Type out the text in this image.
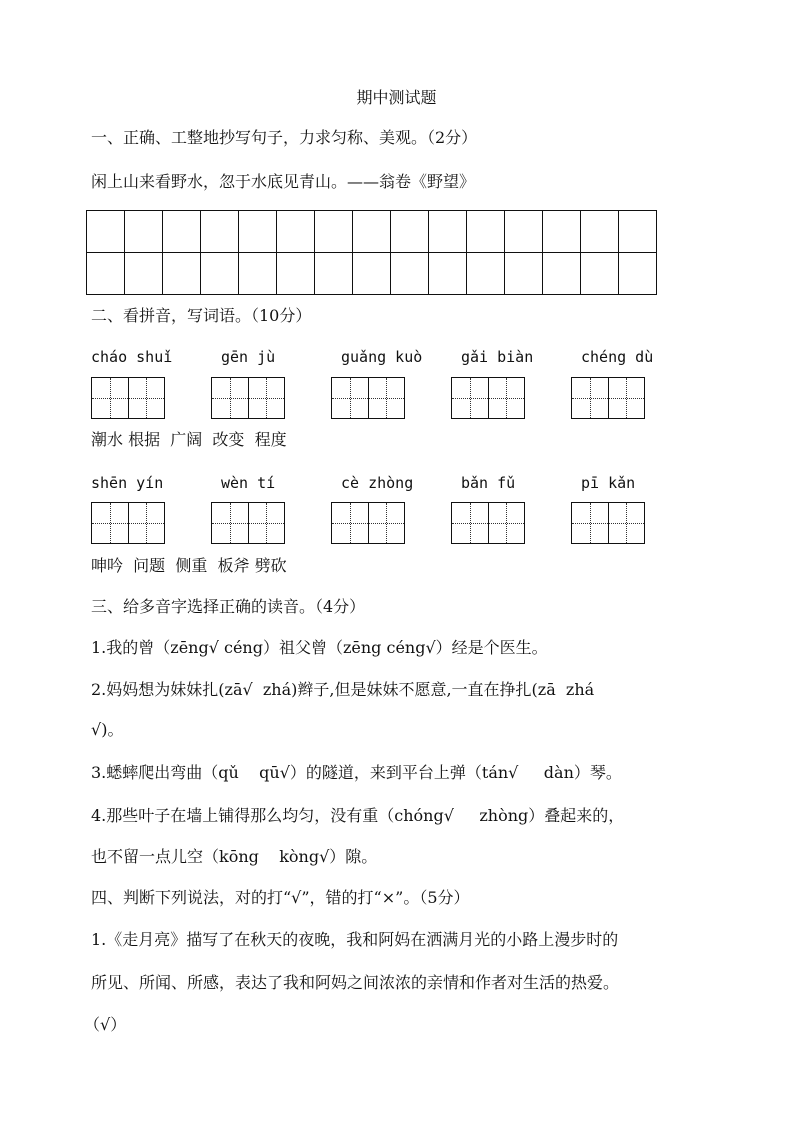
期中测试题
一、正确、工整地抄写句子，力求匀称、美观。（2分）
闲上山来看野水，忽于水底见青山。——翁卷《野望》

二、看拼音，写词语。（10分）
cháo shuǐ	gēn jù	guǎng kuò	gǎi biàn	chéng dù
潮水 根据  广阔  改变  程度
shēn yín	wèn tí	cè zhòng	bǎn fǔ	pī kǎn
呻吟  问题  侧重  板斧 劈砍
三、给多音字选择正确的读音。（4分）
1.我的曾（zēng√ céng）祖父曾（zēng céng√）经是个医生。
2.妈妈想为妹妹扎(zā√  zhá)辫子,但是妹妹不愿意,一直在挣扎(zā  zhá
√)。
3.蟋蟀爬出弯曲（qǔ    qū√）的隧道，来到平台上弹（tán√     dàn）琴。
4.那些叶子在墙上铺得那么均匀，没有重（chóng√     zhòng）叠起来的，
也不留一点儿空（kōng    kòng√）隙。
四、判断下列说法，对的打“√”，错的打“×”。（5分）
1.《走月亮》描写了在秋天的夜晚，我和阿妈在洒满月光的小路上漫步时的
所见、所闻、所感，表达了我和阿妈之间浓浓的亲情和作者对生活的热爱。
（√）
